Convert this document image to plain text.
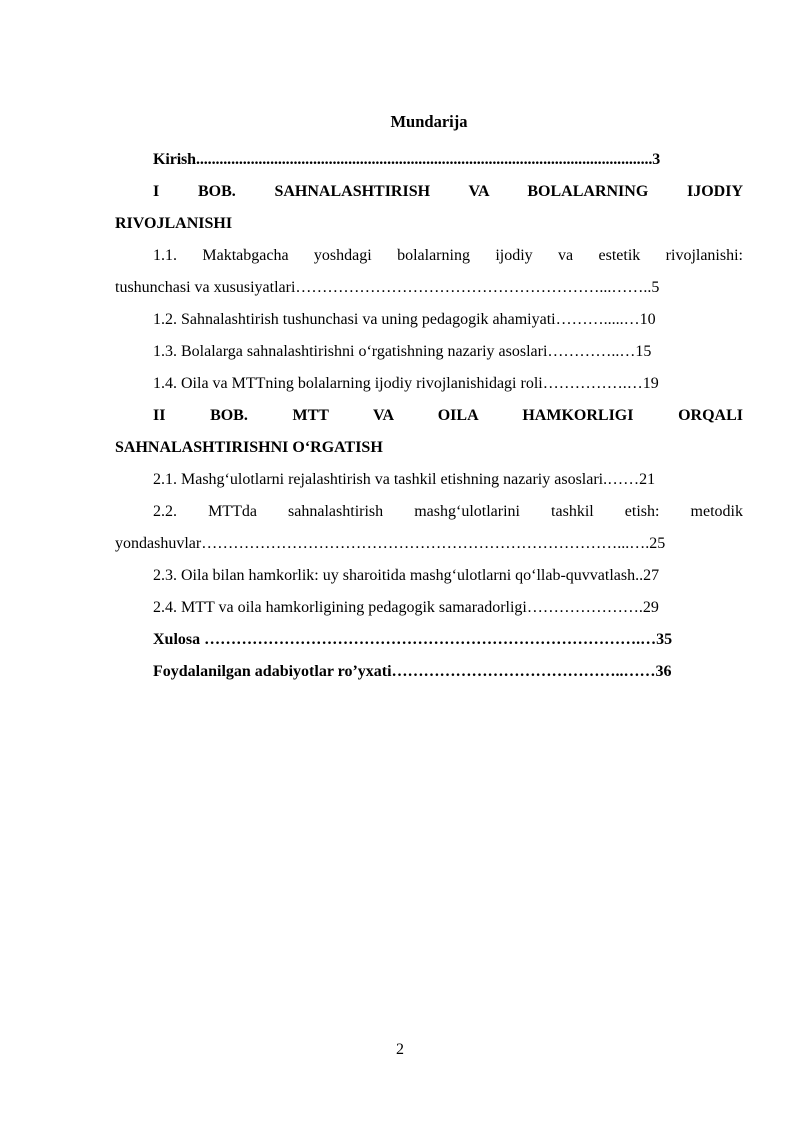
Mundarija
Kirish.....................................................................................................................3
I BOB. SAHNALASHTIRISH VA BOLALARNING IJODIY
RIVOJLANISHI
1.1. Maktabgacha yoshdagi bolalarning ijodiy va estetik rivojlanishi:
tushunchasi va xususiyatlari…………………………………………………...……..5
1.2. Sahnalashtirish tushunchasi va uning pedagogik ahamiyati……….....…10
1.3. Bolalarga sahnalashtirishni o‘rgatishning nazariy asoslari…………..…15
1.4. Oila va MTTning bolalarning ijodiy rivojlanishidagi roli…………….…19
II BOB. MTT VA OILA HAMKORLIGI ORQALI
SAHNALASHTIRISHNI O‘RGATISH
2.1. Mashg‘ulotlarni rejalashtirish va tashkil etishning nazariy asoslari.……21
2.2. MTTda sahnalashtirish mashg‘ulotlarini tashkil etish: metodik
yondashuvlar……………………………………………………………………...….25
2.3. Oila bilan hamkorlik: uy sharoitida mashg‘ulotlarni qo‘llab-quvvatlash..27
2.4. MTT va oila hamkorligining pedagogik samaradorligi………………….29
Xulosa ……………………………………………………………………….…35
Foydalanilgan adabiyotlar ro’yxati……………………………………..……36
2
